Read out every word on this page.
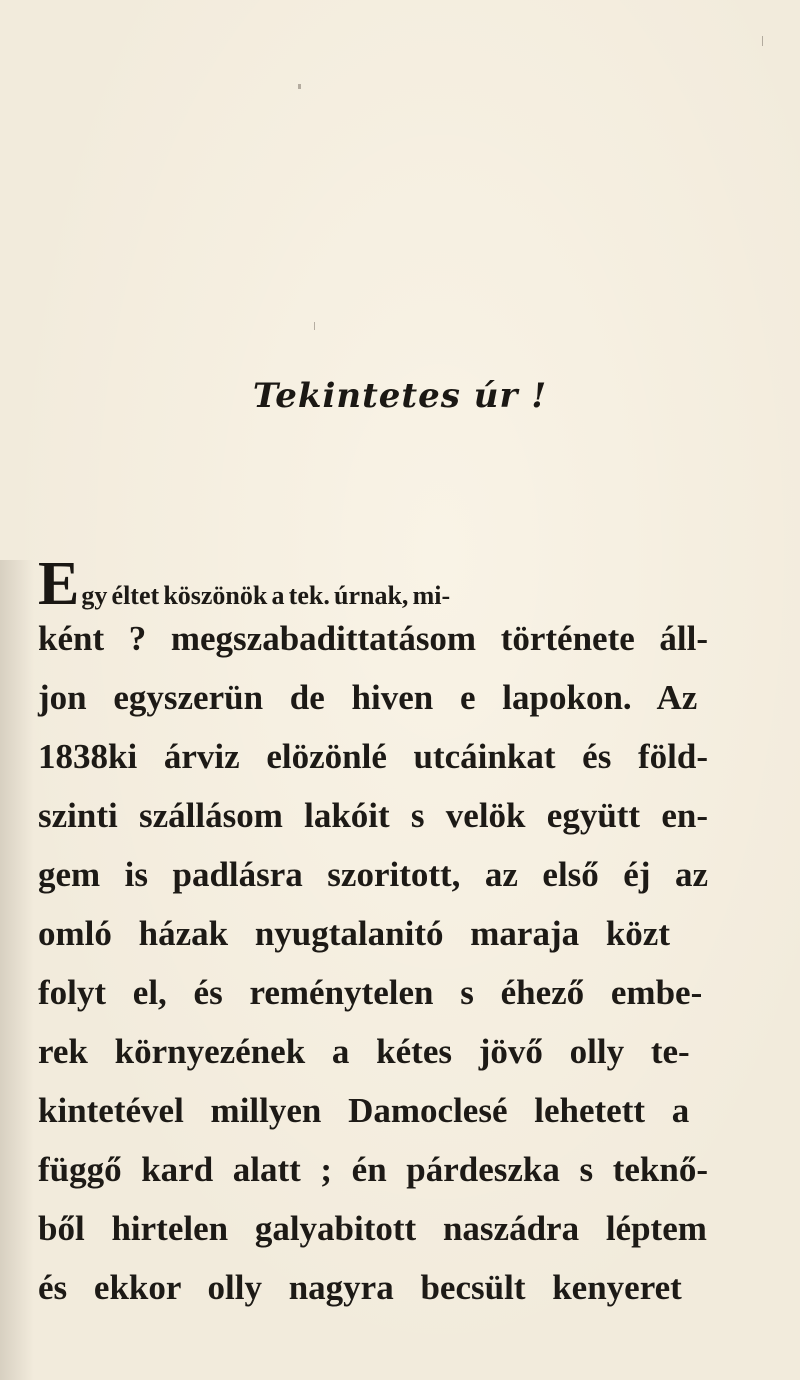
Tekintetes úr !
E gy éltet köszönök a tek. úrnak, mi-
ként ? megszabadittatásom története áll-
jon egyszerün de hiven e lapokon. Az
1838ki árviz elözönlé utcáinkat és föld-
szinti szállásom lakóit s velök együtt en-
gem is padlásra szoritott, az első éj az
omló házak nyugtalanitó maraja közt
folyt el, és reménytelen s éhező embe-
rek környezének a kétes jövő olly te-
kintetével millyen Damoclesé lehetett a
függő kard alatt ; én párdeszka s teknő-
ből hirtelen galyabitott naszádra léptem
és ekkor olly nagyra becsült kenyeret
